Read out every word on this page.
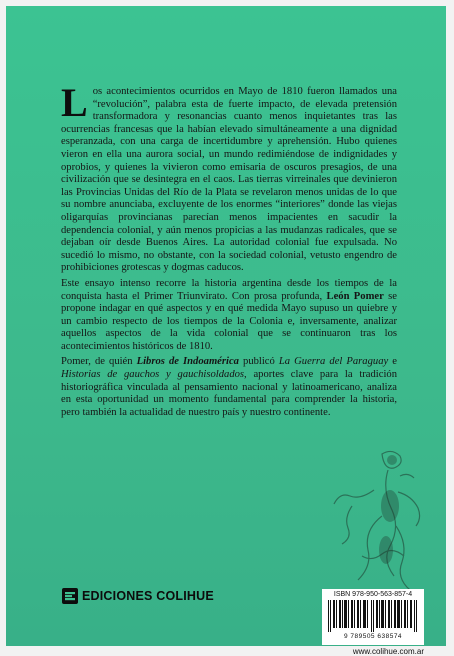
Los acontecimientos ocurridos en Mayo de 1810 fueron llamados una “revolución”, palabra esta de fuerte impacto, de elevada pretensión transformadora y resonancias cuanto menos inquietantes tras las ocurrencias francesas que la habían elevado simultáneamente a una dignidad esperanzada, con una carga de incertidumbre y aprehensión. Hubo quienes vieron en ella una aurora social, un mundo redimiéndose de indignidades y oprobios, y quienes la vivieron como emisaria de oscuros presagios, de una civilización que se desintegra en el caos. Las tierras virreinales que devinieron las Provincias Unidas del Río de la Plata se revelaron menos unidas de lo que su nombre anunciaba, excluyente de los enormes “interiores” donde las viejas oligarquías provincianas parecían menos impacientes en sacudir la dependencia colonial, y aún menos propicias a las mudanzas radicales, que se dejaban oír desde Buenos Aires. La autoridad colonial fue expulsada. No sucedió lo mismo, no obstante, con la sociedad colonial, vetusto engendro de prohibiciones grotescas y dogmas caducos.

Este ensayo intenso recorre la historia argentina desde los tiempos de la conquista hasta el Primer Triunvirato. Con prosa profunda, León Pomer se propone indagar en qué aspectos y en qué medida Mayo supuso un quiebre y un cambio respecto de los tiempos de la Colonia e, inversamente, analizar aquellos aspectos de la vida colonial que se continuaron tras los acontecimientos históricos de 1810.

Pomer, de quién Libros de Indoamérica publicó La Guerra del Paraguay e Historias de gauchos y gauchisoldados, aportes clave para la tradición historiográfica vinculada al pensamiento nacional y latinoamericano, analiza en esta oportunidad un momento fundamental para comprender la historia, pero también la actualidad de nuestro país y nuestro continente.

EDICIONES COLIHUE	ISBN 978-950-563-857-4
9 789505 638574
www.colihue.com.ar
